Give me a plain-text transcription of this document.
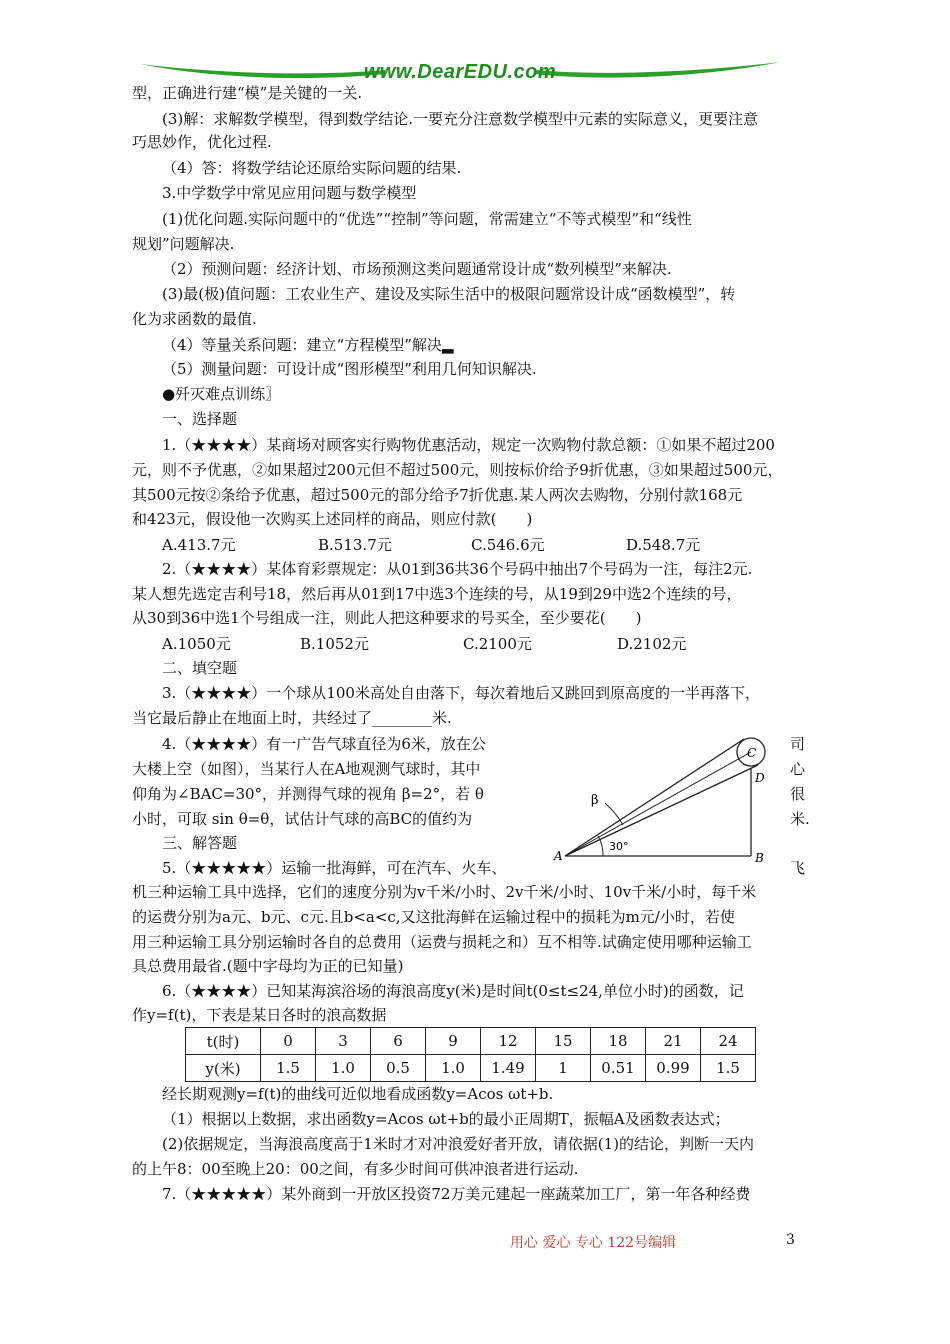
www.DearEDU.com
型，正确进行建“模”是关键的一关.
(3)解：求解数学模型，得到数学结论.一要充分注意数学模型中元素的实际意义，更要注意
巧思妙作，优化过程.
（4）答：将数学结论还原给实际问题的结果.
3.中学数学中常见应用问题与数学模型
(1)优化问题.实际问题中的“优选”“控制”等问题，常需建立“不等式模型”和“线性
规划”问题解决.
（2）预测问题：经济计划、市场预测这类问题通常设计成“数列模型”来解决.
(3)最(极)值问题：工农业生产、建设及实际生活中的极限问题常设计成“函数模型”，转
化为求函数的最值.
（4）等量关系问题：建立“方程模型”解决▂
（5）测量问题：可设计成“图形模型”利用几何知识解决.
●歼灭难点训练〗
一、选择题
1.（★★★★）某商场对顾客实行购物优惠活动，规定一次购物付款总额：①如果不超过200
元，则不予优惠，②如果超过200元但不超过500元，则按标价给予9折优惠，③如果超过500元，
其500元按②条给予优惠，超过500元的部分给予7折优惠.某人两次去购物，分别付款168元
和423元，假设他一次购买上述同样的商品，则应付款(　　)
A.413.7元	B.513.7元	C.546.6元	D.548.7元
2.（★★★★）某体育彩票规定：从01到36共36个号码中抽出7个号码为一注，每注2元.
某人想先选定吉利号18，然后再从01到17中选3个连续的号，从19到29中选2个连续的号，
从30到36中选1个号组成一注，则此人把这种要求的号买全，至少要花(　　)
A.1050元	B.1052元	C.2100元	D.2102元
二、填空题
3.（★★★★）一个球从100米高处自由落下，每次着地后又跳回到原高度的一半再落下，
当它最后静止在地面上时，共经过了________米.
4.（★★★★）有一广告气球直径为6米，放在公
大楼上空（如图），当某行人在A地观测气球时，其中
仰角为∠BAC=30°，并测得气球的视角 β=2°，若 θ
小时，可取 sin θ=θ，试估计气球的高BC的值约为
三、解答题
5.（★★★★★）运输一批海鲜，可在汽车、火车、
司
心
很
米.
飞
A	B
C
D
β
30°
机三种运输工具中选择，它们的速度分别为v千米/小时、2v千米/小时、10v千米/小时，每千米
的运费分别为a元、b元、c元.且b<a<c,又这批海鲜在运输过程中的损耗为m元/小时，若使
用三种运输工具分别运输时各自的总费用（运费与损耗之和）互不相等.试确定使用哪种运输工
具总费用最省.(题中字母均为正的已知量)
6.（★★★★）已知某海滨浴场的海浪高度y(米)是时间t(0≤t≤24,单位小时)的函数，记
作y=f(t)，下表是某日各时的浪高数据
t(时)	0	3	6	9	12	15	18	21	24
y(米)	1.5	1.0	0.5	1.0	1.49	1	0.51	0.99	1.5
经长期观测y=f(t)的曲线可近似地看成函数y=Acos ωt+b.
（1）根据以上数据，求出函数y=Acos ωt+b的最小正周期T，振幅A及函数表达式；
(2)依据规定，当海浪高度高于1米时才对冲浪爱好者开放，请依据(1)的结论，判断一天内
的上午8：00至晚上20：00之间，有多少时间可供冲浪者进行运动.
7.（★★★★★）某外商到一开放区投资72万美元建起一座蔬菜加工厂，第一年各种经费
用心 爱心 专心 122号编辑	3
